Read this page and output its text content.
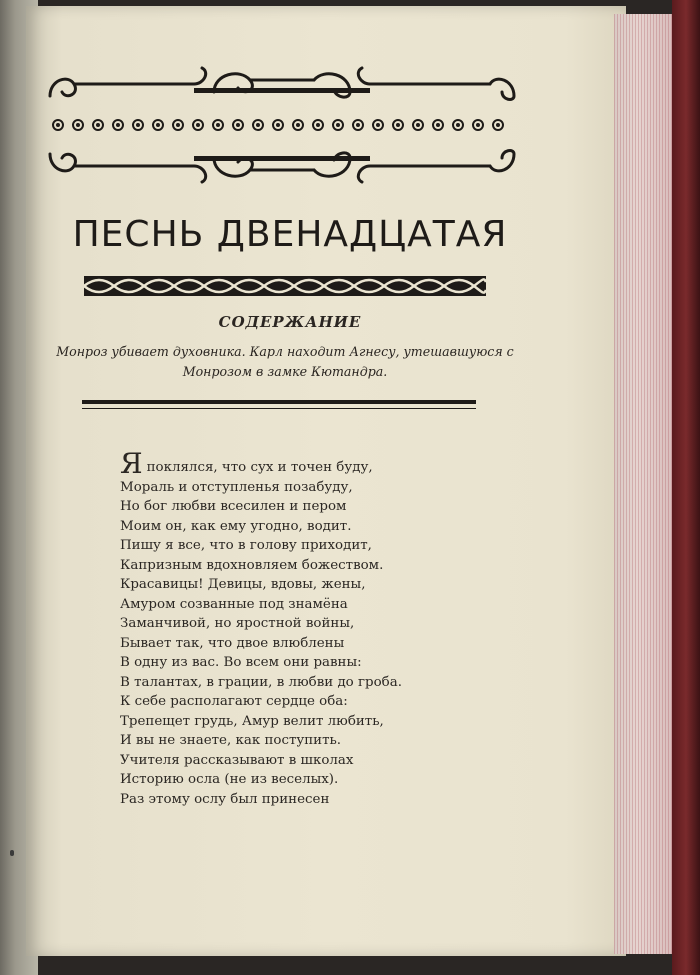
ПЕСНЬ ДВЕНАДЦАТАЯ
СОДЕРЖАНИЕ

Монроз убивает духовника. Карл находит Агнесу, утешавшуюся с Монрозом в замке Кютандра.

Я поклялся, что сух и точен буду,
Мораль и отступленья позабуду,
Но бог любви всесилен и пером
Моим он, как ему угодно, водит.
Пишу я все, что в голову приходит,
Капризным вдохновляем божеством.
Красавицы! Девицы, вдовы, жены,
Амуром созванные под знамёна
Заманчивой, но яростной войны,
Бывает так, что двое влюблены
В одну из вас. Во всем они равны:
В талантах, в грации, в любви до гроба.
К себе располагают сердце оба:
Трепещет грудь, Амур велит любить,
И вы не знаете, как поступить.
Учителя рассказывают в школах
Историю осла (не из веселых).
Раз этому ослу был принесен
